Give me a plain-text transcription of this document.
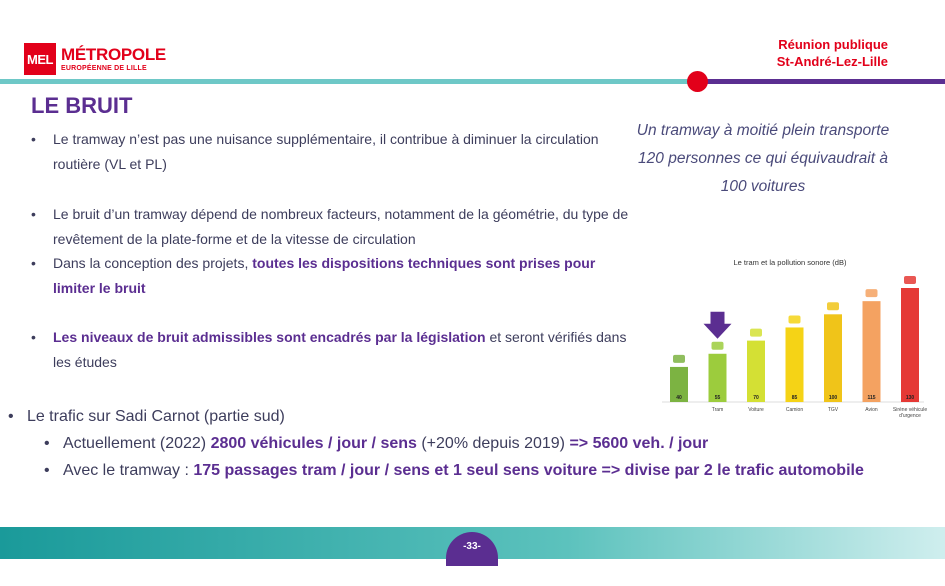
MEL MÉTROPOLE
EUROPÉENNE DE LILLE
Réunion publique
St-André-Lez-Lille
LE BRUIT
•	Le tramway n’est pas une nuisance supplémentaire, il contribue à diminuer la circulation routière (VL et PL)
•	Le bruit d’un tramway dépend de nombreux facteurs, notamment de la géométrie, du type de revêtement de la plate-forme et de la vitesse de circulation
•	Dans la conception des projets, toutes les dispositions techniques sont prises pour limiter le bruit
•	Les niveaux de bruit admissibles sont encadrés par la législation et seront vérifiés dans les études
Un tramway à moitié plein transporte 120 personnes ce qui équivaudrait à 100 voitures
Le tram et la pollution sonore (dB)
40	55
Tram
70
Voiture
85
Camion
100
TGV
115
Avion
130
Sirène véhicule
d'urgence
•   Le trafic sur Sadi Carnot (partie sud)
•   Actuellement (2022) 2800 véhicules / jour / sens (+20% depuis 2019) => 5600 veh. / jour
•   Avec le tramway : 175 passages tram / jour / sens et 1 seul sens voiture => divise par 2 le trafic automobile
-33-
